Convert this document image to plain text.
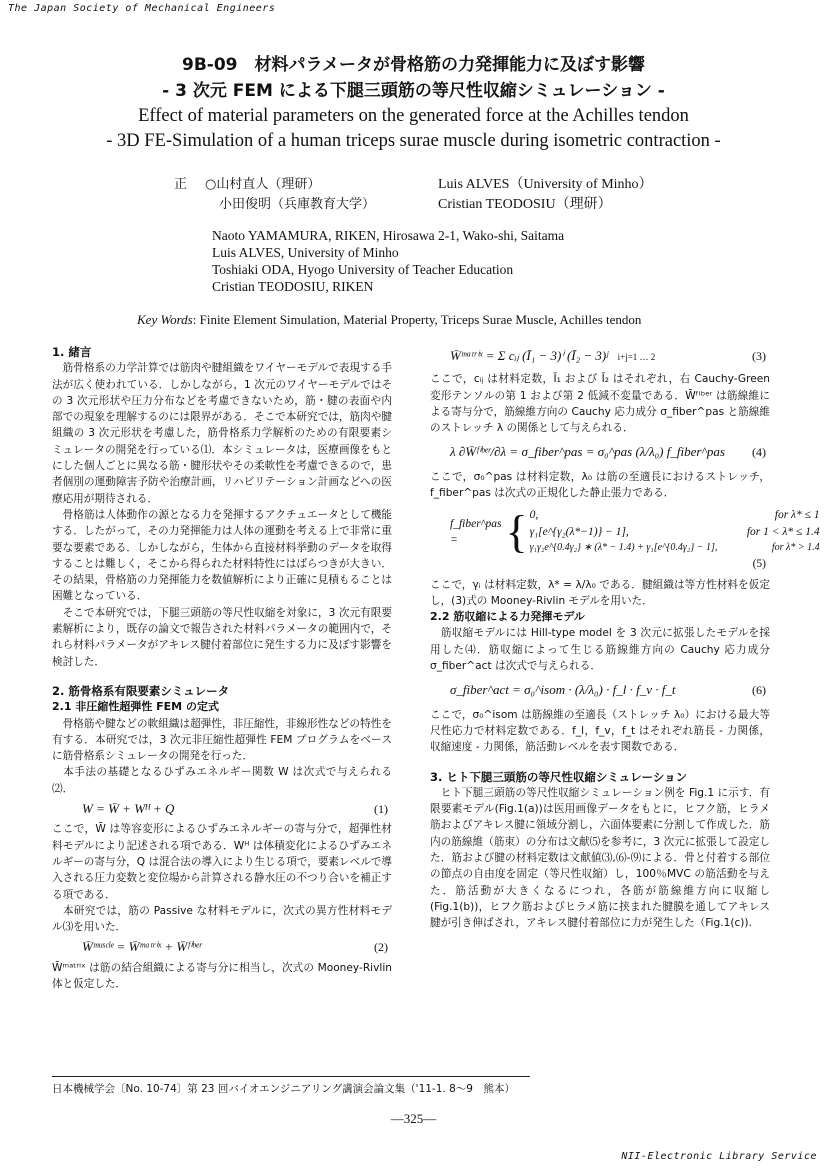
The Japan Society of Mechanical Engineers
9B-09　材料パラメータが骨格筋の力発揮能力に及ぼす影響
- 3 次元 FEM による下腿三頭筋の等尺性収縮シミュレーション -
Effect of material parameters on the generated force at the Achilles tendon
- 3D FE-Simulation of a human triceps surae muscle during isometric contraction -
正 ○山村直人（理研）
小田俊明（兵庫教育大学）
Luis ALVES（University of Minho）
Cristian TEODOSIU（理研）
Naoto YAMAMURA, RIKEN, Hirosawa 2-1, Wako-shi, Saitama
Luis ALVES, University of Minho
Toshiaki ODA, Hyogo University of Teacher Education
Cristian TEODOSIU, RIKEN
Key Words: Finite Element Simulation, Material Property, Triceps Surae Muscle, Achilles tendon
1. 緒言

　筋骨格系の力学計算では筋肉や腱組織をワイヤーモデルで表現する手法が広く使われている．しかしながら，1 次元のワイヤーモデルではその 3 次元形状や圧力分布などを考慮できないため，筋・腱の表面や内部での現象を理解するのには限界がある．そこで本研究では，筋肉や腱組織の 3 次元形状を考慮した，筋骨格系力学解析のための有限要素シミュレータの開発を行っている⑴．本シミュレータは，医療画像をもとにした個人ごとに異なる筋・腱形状やその柔軟性を考慮できるので，患者個別の運動障害予防や治療計画，リハビリテーション計画などへの医療応用が期待される．

　骨格筋は人体動作の源となる力を発揮するアクチュエータとして機能する．したがって，その力発揮能力は人体の運動を考える上で非常に重要な要素である．しかしながら，生体から直接材料挙動のデータを取得することは難しく，そこから得られた材料特性にはばらつきが大きい．その結果，骨格筋の力発揮能力を数値解析により正確に見積もることは困難となっている．

　そこで本研究では，下腿三頭筋の等尺性収縮を対象に，3 次元有限要素解析により，既存の論文で報告された材料パラメータの範囲内で，それら材料パラメータがアキレス腱付着部位に発生する力に及ぼす影響を検討した．

2. 筋骨格系有限要素シミュレータ
2.1 非圧縮性超弾性 FEM の定式

　骨格筋や腱などの軟組織は超弾性，非圧縮性，非線形性などの特性を有する．本研究では，3 次元非圧縮性超弾性 FEM プログラムをベースに筋骨格系シミュレータの開発を行った．

　本手法の基礎となるひずみエネルギー関数 W は次式で与えられる⑵．

W = W̄ + Wᴴ + Q	(1)

ここで，W̄ は等容変形によるひずみエネルギーの寄与分で，超弾性材料モデルにより記述される項である．Wᴴ は体積変化によるひずみエネルギーの寄与分，Q は混合法の導入により生じる項で，要素レベルで導入される圧力変数と変位場から計算される静水圧の不つり合いを補正する項である．

　本研究では，筋の Passive な材料モデルに，次式の異方性材料モデル⑶を用いた．

W̄ᵐᵘˢᶜˡᵉ = W̄ᵐᵃᵗʳⁱˣ + W̄ᶠⁱᵇᵉʳ	(2)

W̄ᵐᵃᵗʳⁱˣ は筋の結合組織による寄与分に相当し，次式の Mooney-Rivlin 体と仮定した．

W̄ᵐᵃᵗʳⁱˣ = Σ cᵢⱼ (Ī₁ − 3)ⁱ (Ī₂ − 3)ʲ i+j=1 … 2	(3)

ここで，cᵢⱼ は材料定数，Ī₁ および Ī₂ はそれぞれ，右 Cauchy-Green 変形テンソルの第 1 および第 2 低減不変量である．W̄ᶠⁱᵇᵉʳ は筋線維による寄与分で，筋線維方向の Cauchy 応力成分 σ_fiber^pas と筋線維のストレッチ λ の関係として与えられる．

λ ∂W̄ᶠⁱᵇᵉʳ/∂λ = σ_fiber^pas = σ₀^pas (λ/λ₀) f_fiber^pas (4)

ここで，σ₀^pas は材料定数，λ₀ は筋の至適長におけるストレッチ，f_fiber^pas は次式の正規化した静止張力である．

f_fiber^pas =	{ 0,	for λ* ≤ 1
γ₁[e^{γ₂(λ*−1)} − 1],	for 1 < λ* ≤ 1.4
γ₁γ₂e^{0.4γ₂} ∗ (λ* − 1.4) + γ₁[e^{0.4γ₂} − 1],	for λ* > 1.4
(5)

ここで，γᵢ は材料定数，λ* = λ/λ₀ である．腱組織は等方性材料を仮定し，(3)式の Mooney-Rivlin モデルを用いた．

2.2 筋収縮による力発揮モデル

　筋収縮モデルには Hill-type model を 3 次元に拡張したモデルを採用した⑷．筋収縮によって生じる筋線維方向の Cauchy 応力成分 σ_fiber^act は次式で与えられる．

σ_fiber^act = σ₀^isom · (λ/λ₀) · f_l · f_v · f_t	(6)

ここで，σ₀^isom は筋線維の至適長（ストレッチ λ₀）における最大等尺性応力で材料定数である．f_l，f_v，f_t はそれぞれ筋長 - 力関係，収縮速度 - 力関係，筋活動レベルを表す関数である．

3. ヒト下腿三頭筋の等尺性収縮シミュレーション

　ヒト下腿三頭筋の等尺性収縮シミュレーション例を Fig.1 に示す．有限要素モデル(Fig.1(a))は医用画像データをもとに，ヒフク筋，ヒラメ筋およびアキレス腱に領域分割し，六面体要素に分割して作成した．筋内の筋線維（筋束）の分布は文献⑸を参考に，3 次元に拡張して設定した．筋および腱の材料定数は文献値⑶,⑹-⑼による．骨と付着する部位の節点の自由度を固定（等尺性収縮）し，100％MVC の筋活動を与えた．筋活動が大きくなるにつれ，各筋が筋線維方向に収縮し(Fig.1(b))，ヒフク筋およびヒラメ筋に挟まれた腱膜を通してアキレス腱が引き伸ばされ，アキレス腱付着部位に力が発生した（Fig.1(c)).

日本機械学会〔No. 10-74〕第 23 回バイオエンジニアリング講演会論文集（'11-1. 8～9　熊本）
―325―
NII-Electronic Library Service
